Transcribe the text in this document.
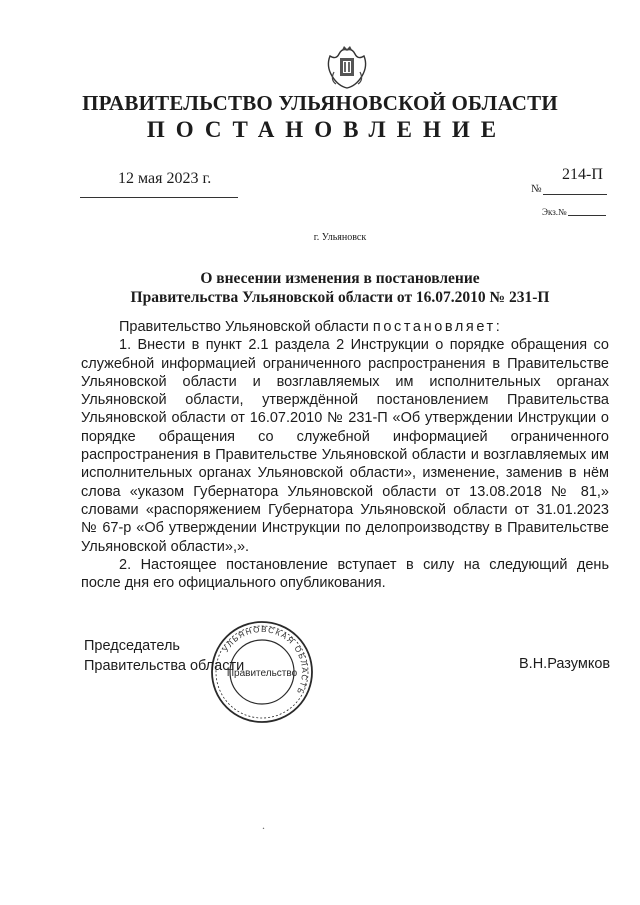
ПРАВИТЕЛЬСТВО УЛЬЯНОВСКОЙ ОБЛАСТИ
ПОСТАНОВЛЕНИЕ
12 мая 2023 г.	214-П
№
Экз.№
г. Ульяновск
О внесении изменения в постановление
Правительства Ульяновской области от 16.07.2010 № 231-П

Правительство Ульяновской области постановляет:

1. Внести в пункт 2.1 раздела 2 Инструкции о порядке обращения со служебной информацией ограниченного распространения в Правительстве Ульяновской области и возглавляемых им исполнительных органах Ульяновской области, утверждённой постановлением Правительства Ульяновской области от 16.07.2010 № 231-П «Об утверждении Инструкции о порядке обращения со служебной информацией ограниченного распространения в Правительстве Ульяновской области и возглавляемых им исполнительных органах Ульяновской области», изменение, заменив в нём слова «указом Губернатора Ульяновской области от 13.08.2018 № 81,» словами «распоряжением Губернатора Ульяновской области от 31.01.2023 № 67-р «Об утверждении Инструкции по делопроизводству в Правительстве Ульяновской области»,».

2. Настоящее постановление вступает в силу на следующий день после дня его официального опубликования.

УЛЬЯНОВСКАЯ ОБЛАСТЬ
Правительство
Председатель
Правительства области	В.Н.Разумков
.
